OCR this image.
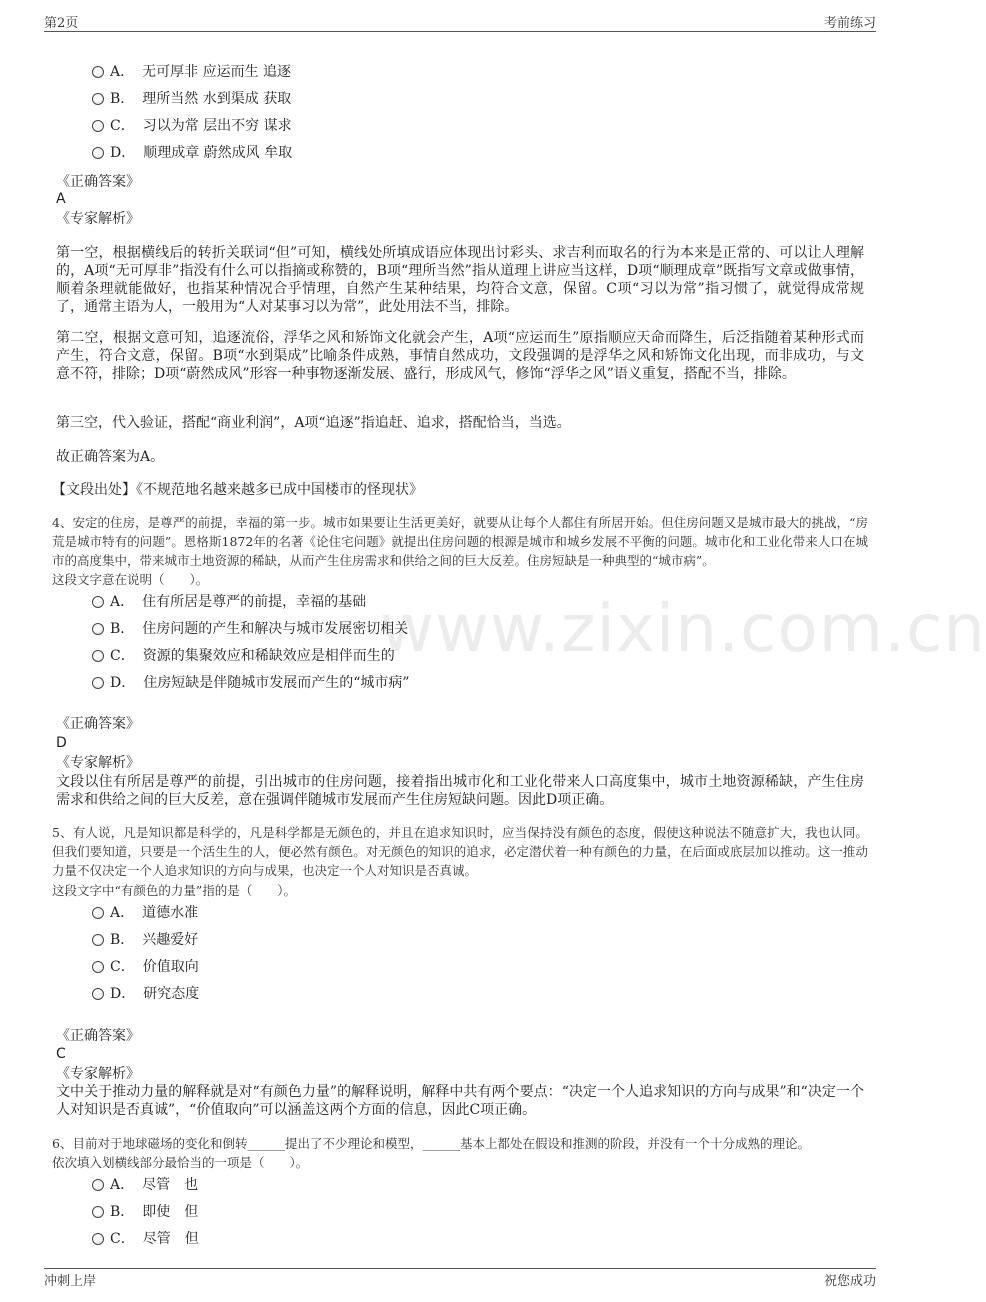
第2页	考前练习
www.zixin.com.cn
A． 无可厚非 应运而生 追逐
B． 理所当然 水到渠成 获取
C． 习以为常 层出不穷 谋求
D． 顺理成章 蔚然成风 牟取
《正确答案》
A
《专家解析》
第一空，根据横线后的转折关联词“但”可知，横线处所填成语应体现出讨彩头、求吉利而取名的行为本来是正常的、可以让人理解的，A项“无可厚非”指没有什么可以指摘或称赞的，B项“理所当然”指从道理上讲应当这样，D项“顺理成章”既指写文章或做事情，顺着条理就能做好，也指某种情况合乎情理，自然产生某种结果，均符合文意，保留。C项“习以为常”指习惯了，就觉得成常规了，通常主语为人，一般用为“人对某事习以为常”，此处用法不当，排除。
第二空，根据文意可知，追逐流俗，浮华之风和矫饰文化就会产生，A项“应运而生”原指顺应天命而降生，后泛指随着某种形式而产生，符合文意，保留。B项“水到渠成”比喻条件成熟，事情自然成功，文段强调的是浮华之风和矫饰文化出现，而非成功，与文意不符，排除；D项“蔚然成风”形容一种事物逐渐发展、盛行，形成风气，修饰“浮华之风”语义重复，搭配不当，排除。
第三空，代入验证，搭配“商业利润”，A项“追逐”指追赶、追求，搭配恰当，当选。
故正确答案为A。
【文段出处】《不规范地名越来越多已成中国楼市的怪现状》
4、安定的住房，是尊严的前提，幸福的第一步。城市如果要让生活更美好，就要从让每个人都住有所居开始。但住房问题又是城市最大的挑战，“房荒是城市特有的问题”。恩格斯1872年的名著《论住宅问题》就提出住房问题的根源是城市和城乡发展不平衡的问题。城市化和工业化带来人口在城市的高度集中，带来城市土地资源的稀缺，从而产生住房需求和供给之间的巨大反差。住房短缺是一种典型的“城市病”。
这段文字意在说明（　　）。
A． 住有所居是尊严的前提，幸福的基础
B． 住房问题的产生和解决与城市发展密切相关
C． 资源的集聚效应和稀缺效应是相伴而生的
D． 住房短缺是伴随城市发展而产生的“城市病”
《正确答案》
D
《专家解析》
文段以住有所居是尊严的前提，引出城市的住房问题，接着指出城市化和工业化带来人口高度集中，城市土地资源稀缺，产生住房需求和供给之间的巨大反差，意在强调伴随城市发展而产生住房短缺问题。因此D项正确。
5、有人说，凡是知识都是科学的，凡是科学都是无颜色的，并且在追求知识时，应当保持没有颜色的态度，假使这种说法不随意扩大，我也认同。但我们要知道，只要是一个活生生的人，便必然有颜色。对无颜色的知识的追求，必定潜伏着一种有颜色的力量，在后面或底层加以推动。这一推动力量不仅决定一个人追求知识的方向与成果，也决定一个人对知识是否真诚。
这段文字中“有颜色的力量”指的是（　　）。
A． 道德水准
B． 兴趣爱好
C． 价值取向
D． 研究态度
《正确答案》
C
《专家解析》
文中关于推动力量的解释就是对“有颜色力量”的解释说明，解释中共有两个要点：“决定一个人追求知识的方向与成果”和“决定一个人对知识是否真诚”，“价值取向”可以涵盖这两个方面的信息，因此C项正确。
6、目前对于地球磁场的变化和倒转______提出了不少理论和模型，______基本上都处在假设和推测的阶段，并没有一个十分成熟的理论。
依次填入划横线部分最恰当的一项是（　　）。
A． 尽管　也
B． 即使　但
C． 尽管　但
冲刺上岸	祝您成功
